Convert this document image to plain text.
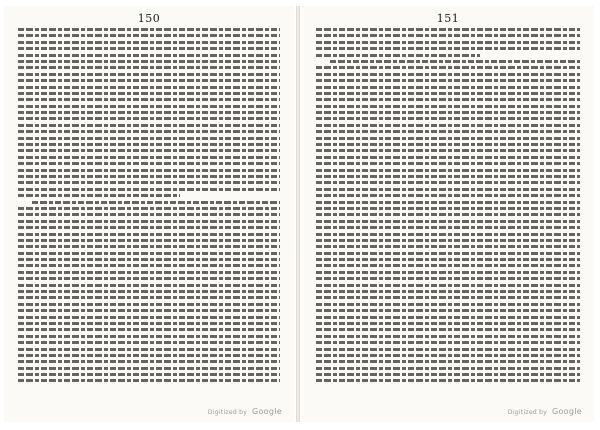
150
Digitized by Google
151
Digitized by Google
